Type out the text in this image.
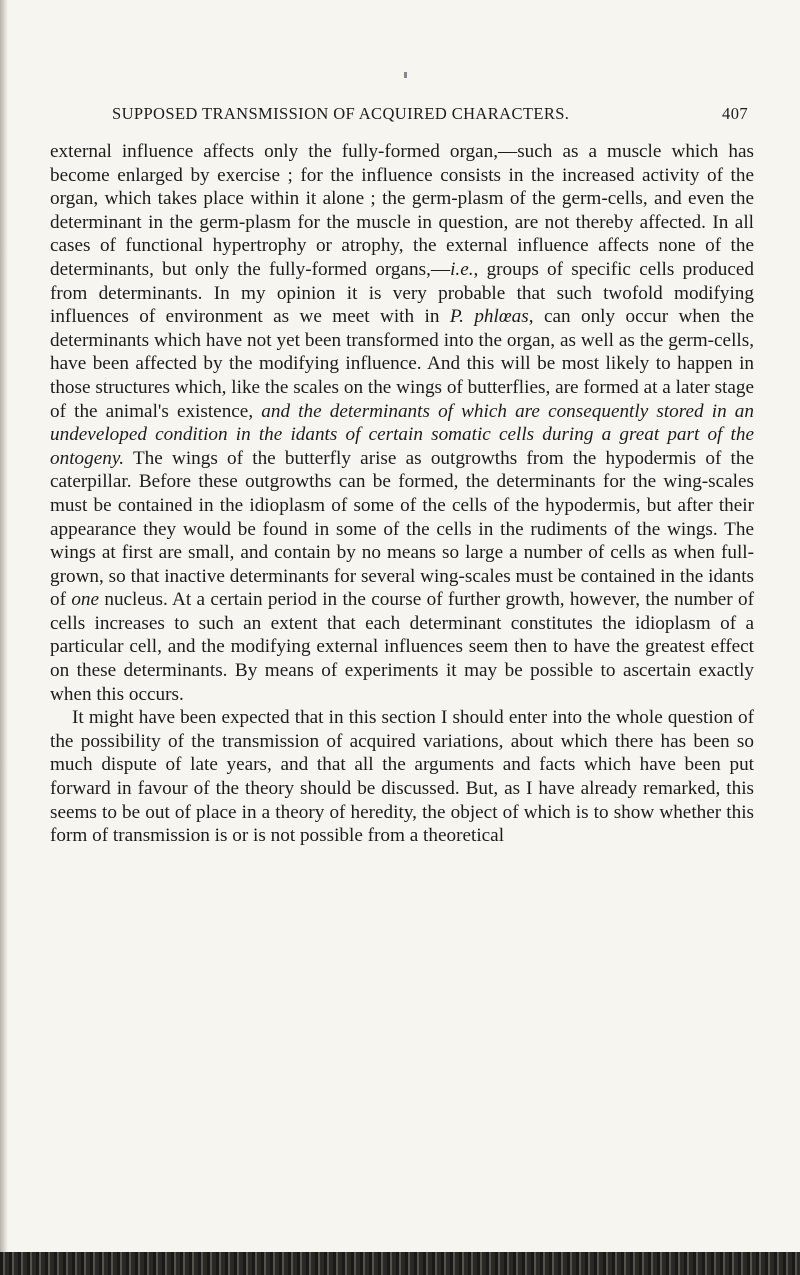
SUPPOSED TRANSMISSION OF ACQUIRED CHARACTERS.	407

external influence affects only the fully-formed organ,—such as a muscle which has become enlarged by exercise ; for the influence consists in the increased activity of the organ, which takes place within it alone ; the germ-plasm of the germ-cells, and even the determinant in the germ-plasm for the muscle in question, are not thereby affected. In all cases of functional hypertrophy or atrophy, the external influence affects none of the determinants, but only the fully-formed organs,—i.e., groups of specific cells produced from determinants. In my opinion it is very probable that such twofold modifying influences of environment as we meet with in P. phlœas, can only occur when the determinants which have not yet been transformed into the organ, as well as the germ-cells, have been affected by the modifying influence. And this will be most likely to happen in those structures which, like the scales on the wings of butterflies, are formed at a later stage of the animal's existence, and the determinants of which are consequently stored in an undeveloped condition in the idants of certain somatic cells during a great part of the ontogeny. The wings of the butterfly arise as outgrowths from the hypodermis of the caterpillar. Before these outgrowths can be formed, the determinants for the wing-scales must be contained in the idioplasm of some of the cells of the hypodermis, but after their appearance they would be found in some of the cells in the rudiments of the wings. The wings at first are small, and contain by no means so large a number of cells as when full-grown, so that inactive determinants for several wing-scales must be contained in the idants of one nucleus. At a certain period in the course of further growth, however, the number of cells increases to such an extent that each determinant constitutes the idioplasm of a particular cell, and the modifying external influences seem then to have the greatest effect on these determinants. By means of experiments it may be possible to ascertain exactly when this occurs.

It might have been expected that in this section I should enter into the whole question of the possibility of the transmission of acquired variations, about which there has been so much dispute of late years, and that all the arguments and facts which have been put forward in favour of the theory should be discussed. But, as I have already remarked, this seems to be out of place in a theory of heredity, the object of which is to show whether this form of transmission is or is not possible from a theoretical
